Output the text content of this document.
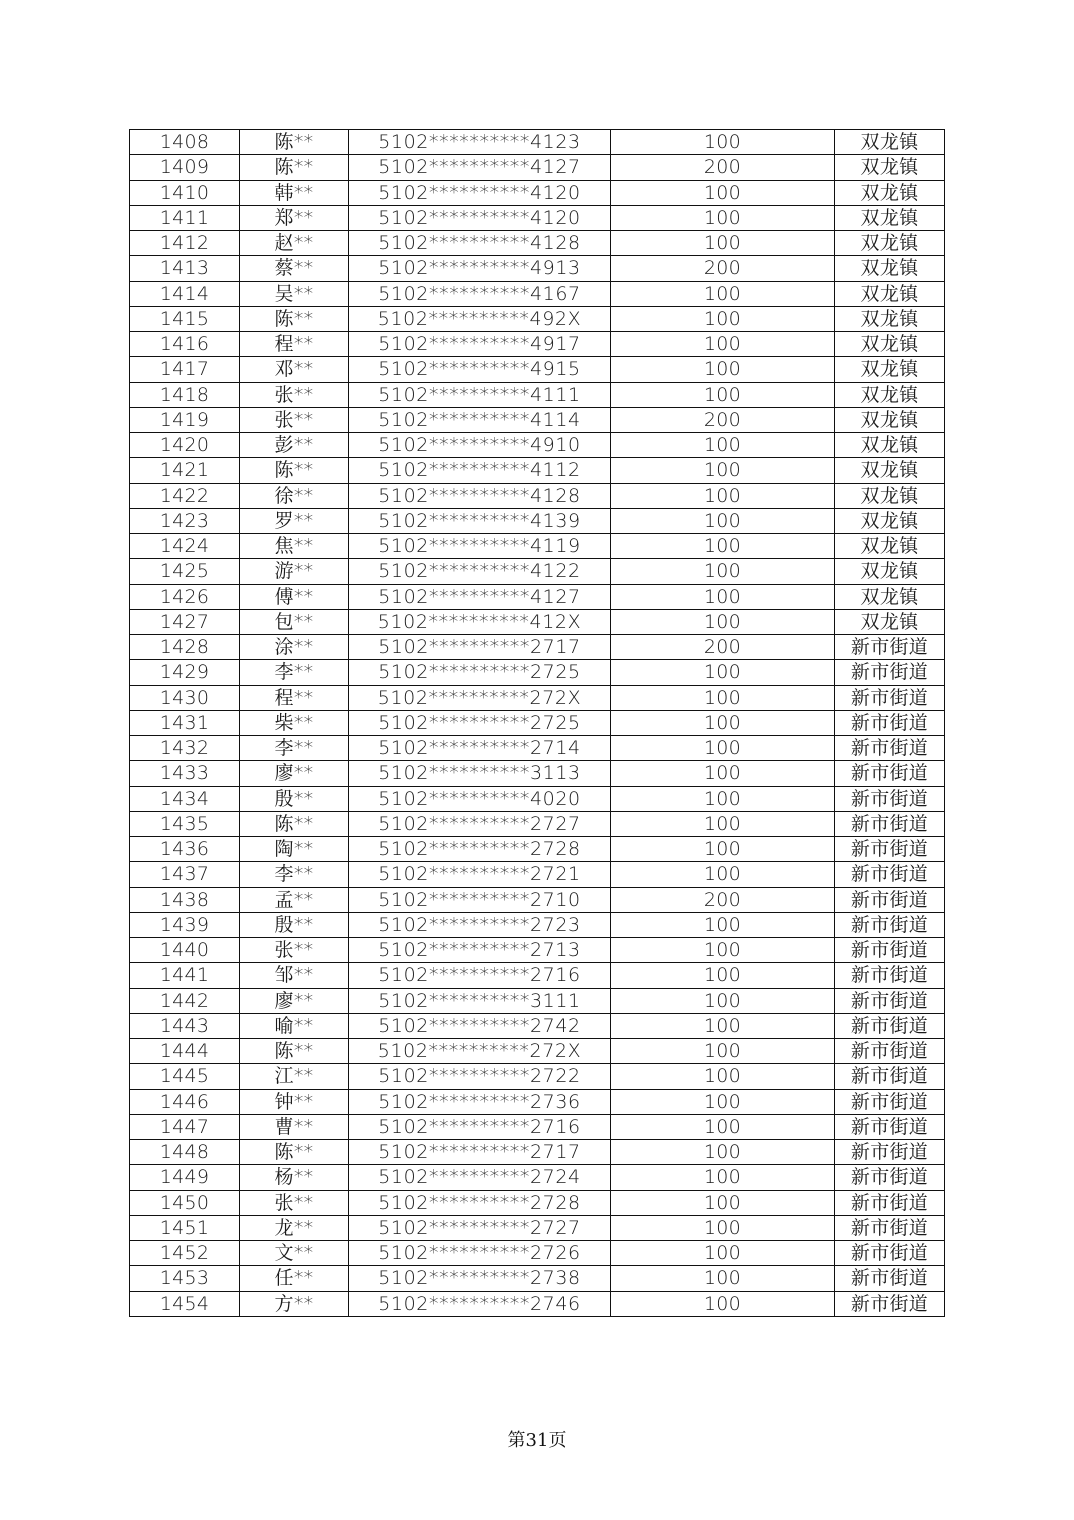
1408	陈**	5102**********4123	100	双龙镇
1409	陈**	5102**********4127	200	双龙镇
1410	韩**	5102**********4120	100	双龙镇
1411	郑**	5102**********4120	100	双龙镇
1412	赵**	5102**********4128	100	双龙镇
1413	蔡**	5102**********4913	200	双龙镇
1414	吴**	5102**********4167	100	双龙镇
1415	陈**	5102**********492X	100	双龙镇
1416	程**	5102**********4917	100	双龙镇
1417	邓**	5102**********4915	100	双龙镇
1418	张**	5102**********4111	100	双龙镇
1419	张**	5102**********4114	200	双龙镇
1420	彭**	5102**********4910	100	双龙镇
1421	陈**	5102**********4112	100	双龙镇
1422	徐**	5102**********4128	100	双龙镇
1423	罗**	5102**********4139	100	双龙镇
1424	焦**	5102**********4119	100	双龙镇
1425	游**	5102**********4122	100	双龙镇
1426	傅**	5102**********4127	100	双龙镇
1427	包**	5102**********412X	100	双龙镇
1428	涂**	5102**********2717	200	新市街道
1429	李**	5102**********2725	100	新市街道
1430	程**	5102**********272X	100	新市街道
1431	柴**	5102**********2725	100	新市街道
1432	李**	5102**********2714	100	新市街道
1433	廖**	5102**********3113	100	新市街道
1434	殷**	5102**********4020	100	新市街道
1435	陈**	5102**********2727	100	新市街道
1436	陶**	5102**********2728	100	新市街道
1437	李**	5102**********2721	100	新市街道
1438	孟**	5102**********2710	200	新市街道
1439	殷**	5102**********2723	100	新市街道
1440	张**	5102**********2713	100	新市街道
1441	邹**	5102**********2716	100	新市街道
1442	廖**	5102**********3111	100	新市街道
1443	喻**	5102**********2742	100	新市街道
1444	陈**	5102**********272X	100	新市街道
1445	江**	5102**********2722	100	新市街道
1446	钟**	5102**********2736	100	新市街道
1447	曹**	5102**********2716	100	新市街道
1448	陈**	5102**********2717	100	新市街道
1449	杨**	5102**********2724	100	新市街道
1450	张**	5102**********2728	100	新市街道
1451	龙**	5102**********2727	100	新市街道
1452	文**	5102**********2726	100	新市街道
1453	任**	5102**********2738	100	新市街道
1454	方**	5102**********2746	100	新市街道
第31页
